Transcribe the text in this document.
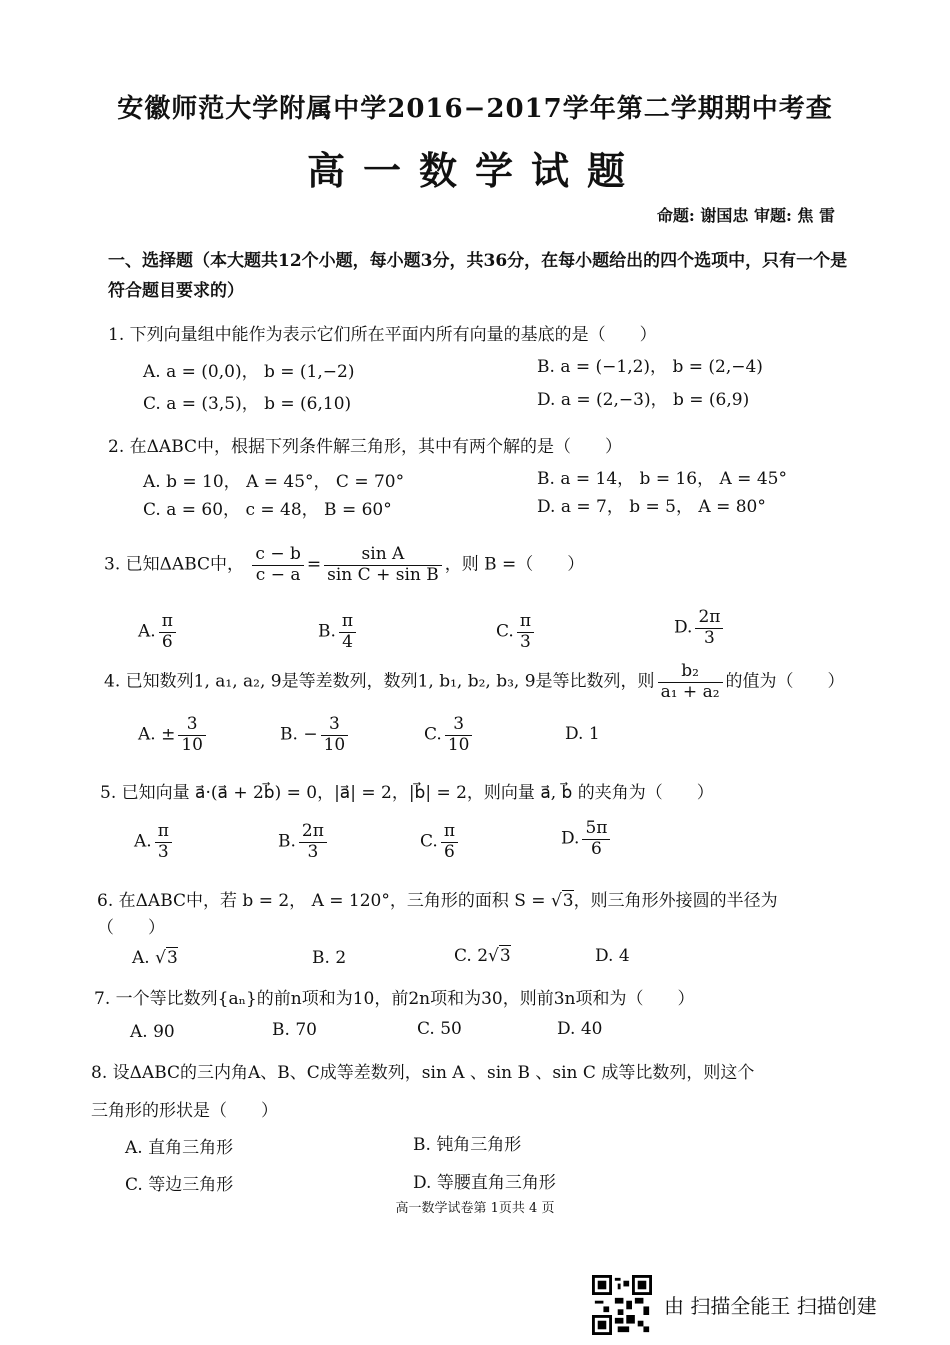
安徽师范大学附属中学2016−2017学年第二学期期中考查
高一数学试题
命题: 谢国忠 审题: 焦 雷
一、选择题（本大题共12个小题，每小题3分，共36分，在每小题给出的四个选项中，只有一个是符合题目要求的）
1. 下列向量组中能作为表示它们所在平面内所有向量的基底的是（　　）
A. a = (0,0)， b = (1,−2)	B. a = (−1,2)， b = (2,−4)
C. a = (3,5)， b = (6,10)	D. a = (2,−3)， b = (6,9)
2. 在ΔABC中，根据下列条件解三角形，其中有两个解的是（　　）
A. b = 10， A = 45°， C = 70°	B. a = 14， b = 16， A = 45°
C. a = 60， c = 48， B = 60°	D. a = 7， b = 5， A = 80°
3. 已知ΔABC中， $\frac{c - b}{c - a} = \frac{\text{sin A}}{\text{sin C + sin B}}$ ，则 B =（　　）
A. $\frac{\pi}{6}$	B. $\frac{\pi}{4}$	C. $\frac{\pi}{3}$	D. $\frac{2\pi}{3}$
4. 已知数列1, a₁, a₂, 9是等差数列，数列1, b₁, b₂, b₃, 9是等比数列，则 $\frac{\text{b₂}}{\text{a₁ + a₂}}$ 的值为（　　）
A. ± $\frac{3}{10}$	B. − $\frac{3}{10}$	C. $\frac{3}{10}$	D. 1
5. 已知向量 a⃗·(a⃗ + 2b⃗) = 0，|a⃗| = 2，|b⃗| = 2，则向量 a⃗, b⃗ 的夹角为（　　）
A. $\frac{\pi}{3}$	B. $\frac{2\pi}{3}$	C. $\frac{\pi}{6}$	D. $\frac{5\pi}{6}$
6. 在ΔABC中，若 b = 2， A = 120°，三角形的面积 S = √3，则三角形外接圆的半径为
（　　）
A. √3	B. 2	C. 2√3	D. 4
7. 一个等比数列{aₙ}的前n项和为10，前2n项和为30，则前3n项和为（　　）
A. 90	B. 70	C. 50	D. 40
8. 设ΔABC的三内角A、B、C成等差数列，sin A 、sin B 、sin C 成等比数列，则这个
三角形的形状是（　　）
A. 直角三角形	B. 钝角三角形
C. 等边三角形	D. 等腰直角三角形
高一数学试卷第 1页共 4 页
由 扫描全能王 扫描创建
